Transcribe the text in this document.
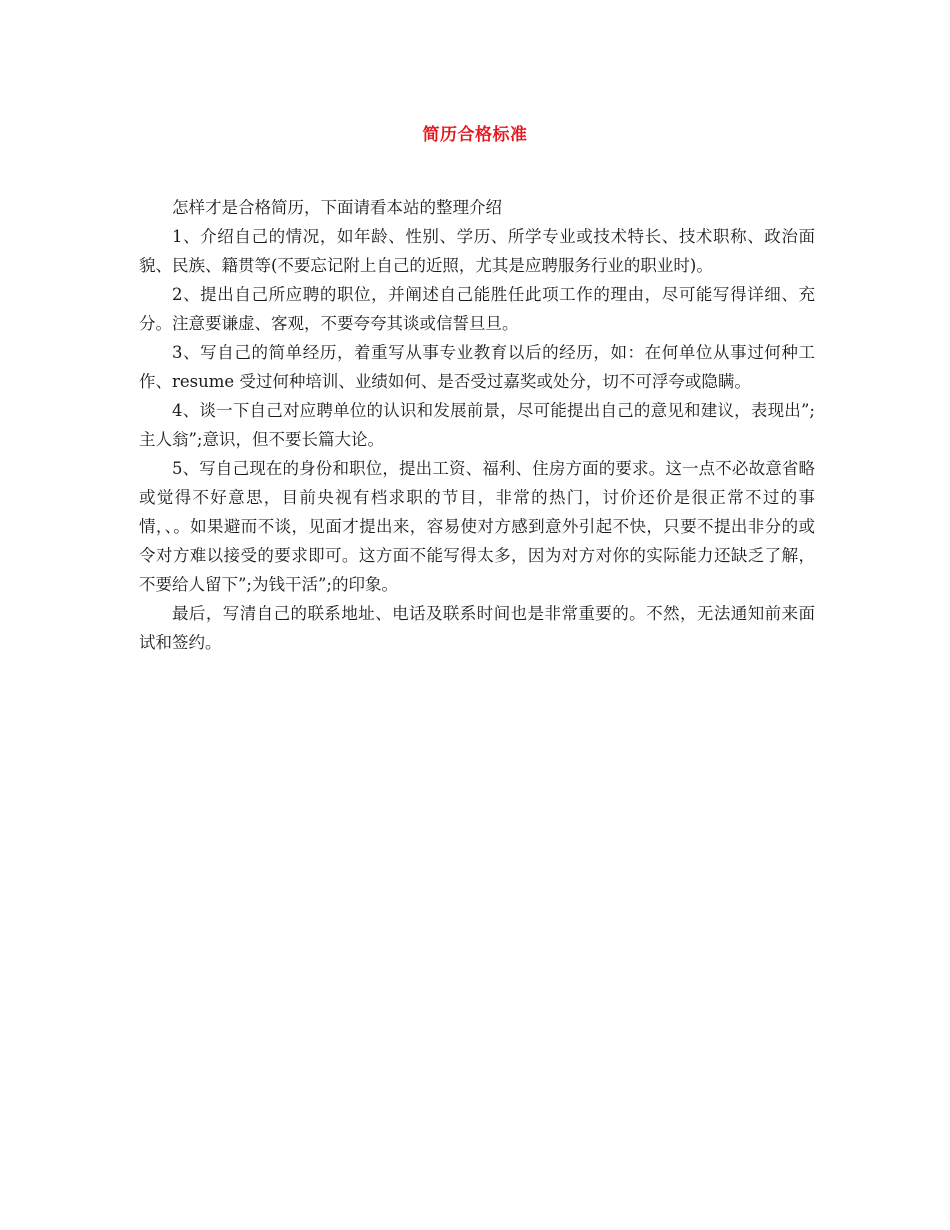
简历合格标准

怎样才是合格简历，下面请看本站的整理介绍

1、介绍自己的情况，如年龄、性别、学历、所学专业或技术特长、技术职称、政治面貌、民族、籍贯等(不要忘记附上自己的近照，尤其是应聘服务行业的职业时)。

2、提出自己所应聘的职位，并阐述自己能胜任此项工作的理由，尽可能写得详细、充分。注意要谦虚、客观，不要夸夸其谈或信誓旦旦。

3、写自己的简单经历，着重写从事专业教育以后的经历，如：在何单位从事过何种工作、resume 受过何种培训、业绩如何、是否受过嘉奖或处分，切不可浮夸或隐瞒。

4、谈一下自己对应聘单位的认识和发展前景，尽可能提出自己的意见和建议，表现出”;主人翁”;意识，但不要长篇大论。

5、写自己现在的身份和职位，提出工资、福利、住房方面的要求。这一点不必故意省略或觉得不好意思，目前央视有档求职的节目，非常的热门，讨价还价是很正常不过的事情，、。如果避而不谈，见面才提出来，容易使对方感到意外引起不快，只要不提出非分的或令对方难以接受的要求即可。这方面不能写得太多，因为对方对你的实际能力还缺乏了解，不要给人留下”;为钱干活”;的印象。

最后，写清自己的联系地址、电话及联系时间也是非常重要的。不然，无法通知前来面试和签约。
